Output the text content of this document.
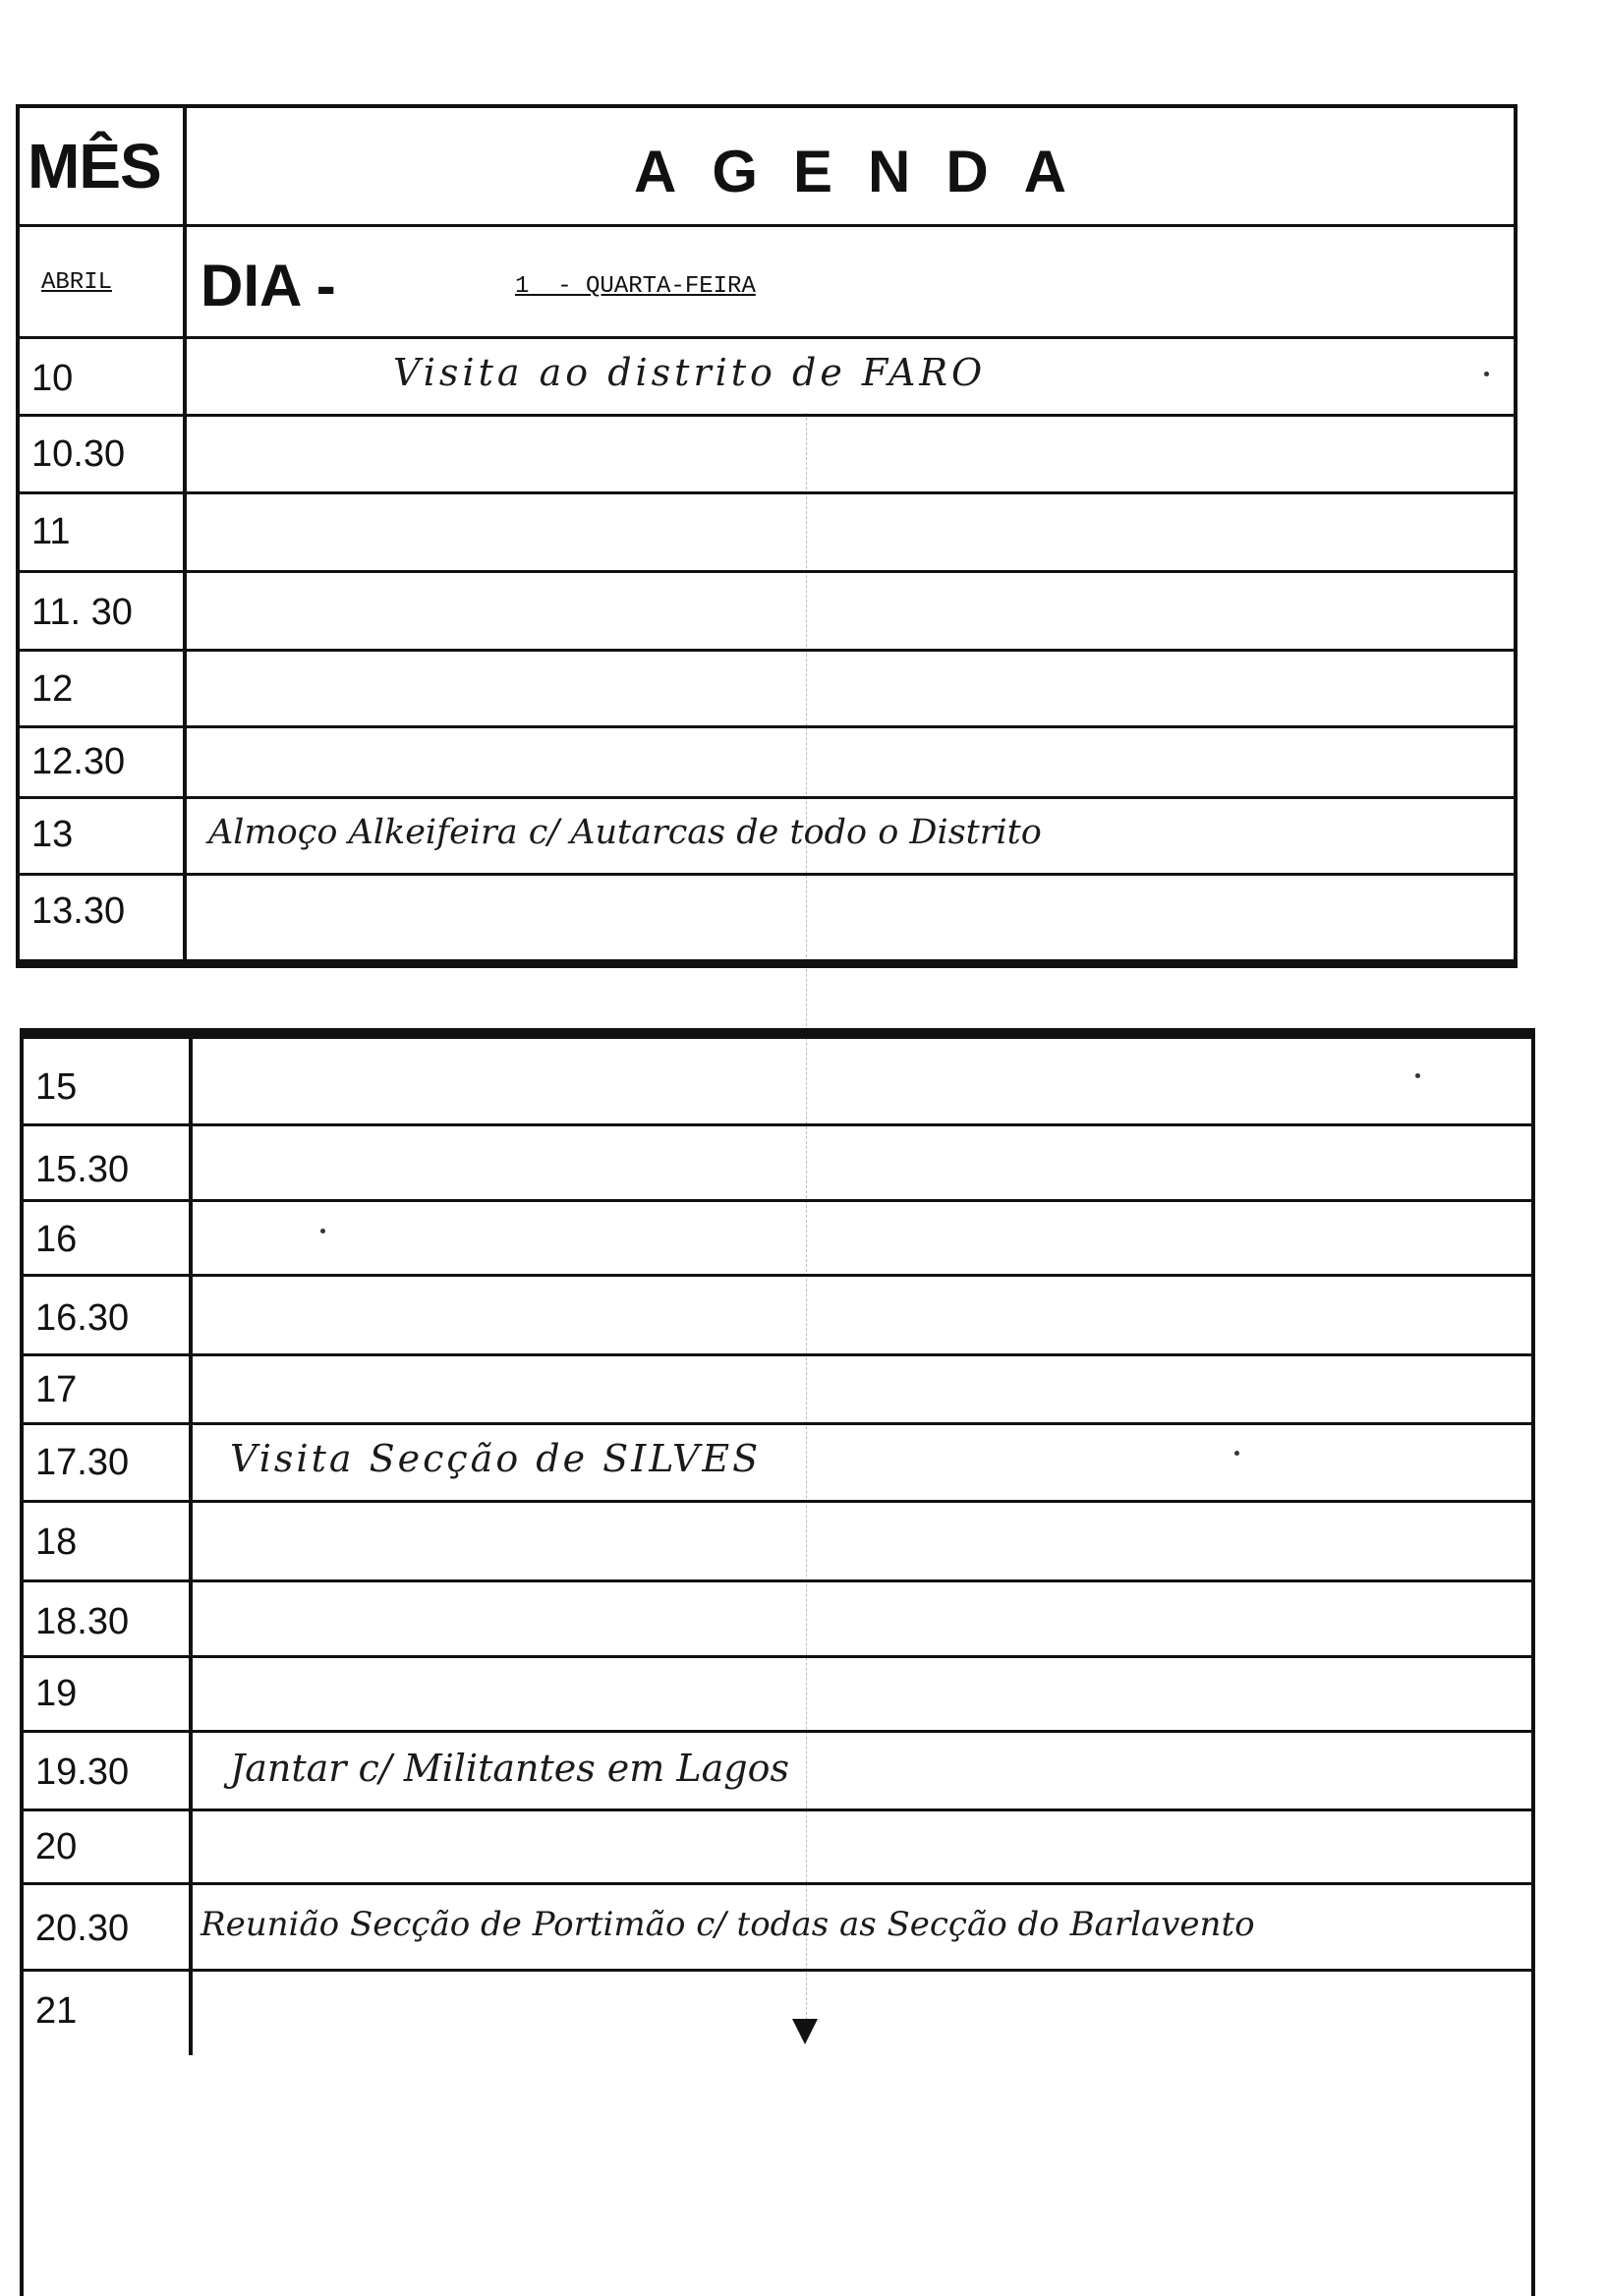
MÊS	AGENDA
ABRIL DIA -	1  - QUARTA-FEIRA
10	Visita ao distrito de FARO
10.30
11
11. 30
12
12.30
13	Almoço Alkeifeira c/ Autarcas de todo o Distrito
13.30
15
15.30
16
16.30
17
17.30	Visita Secção de SILVES
18
18.30
19
19.30	Jantar c/ Militantes em Lagos
20
20.30 Reunião Secção de Portimão c/ todas as Secção do Barlavento
21
